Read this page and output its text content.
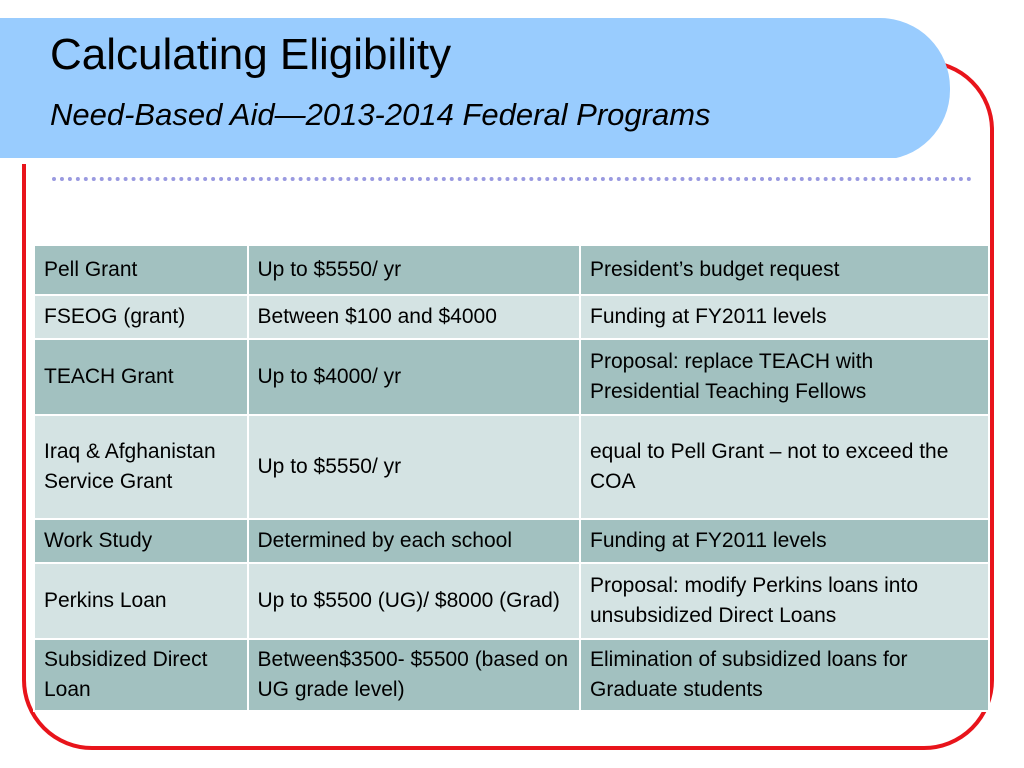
Calculating Eligibility
Need-Based Aid—2013-2014 Federal Programs
Pell Grant	Up to $5550/ yr	President’s budget request
FSEOG (grant)	Between $100 and $4000	Funding at FY2011 levels
TEACH Grant	Up to $4000/ yr	Proposal: replace TEACH with Presidential Teaching Fellows
Iraq & Afghanistan Service Grant	Up to $5550/ yr	equal to Pell Grant – not to exceed the COA
Work Study	Determined by each school	Funding at FY2011 levels
Perkins Loan	Up to $5500 (UG)/ $8000 (Grad)	Proposal: modify Perkins loans into unsubsidized Direct Loans
Subsidized Direct Loan	Between$3500- $5500 (based on UG grade level)	Elimination of subsidized loans for Graduate students
